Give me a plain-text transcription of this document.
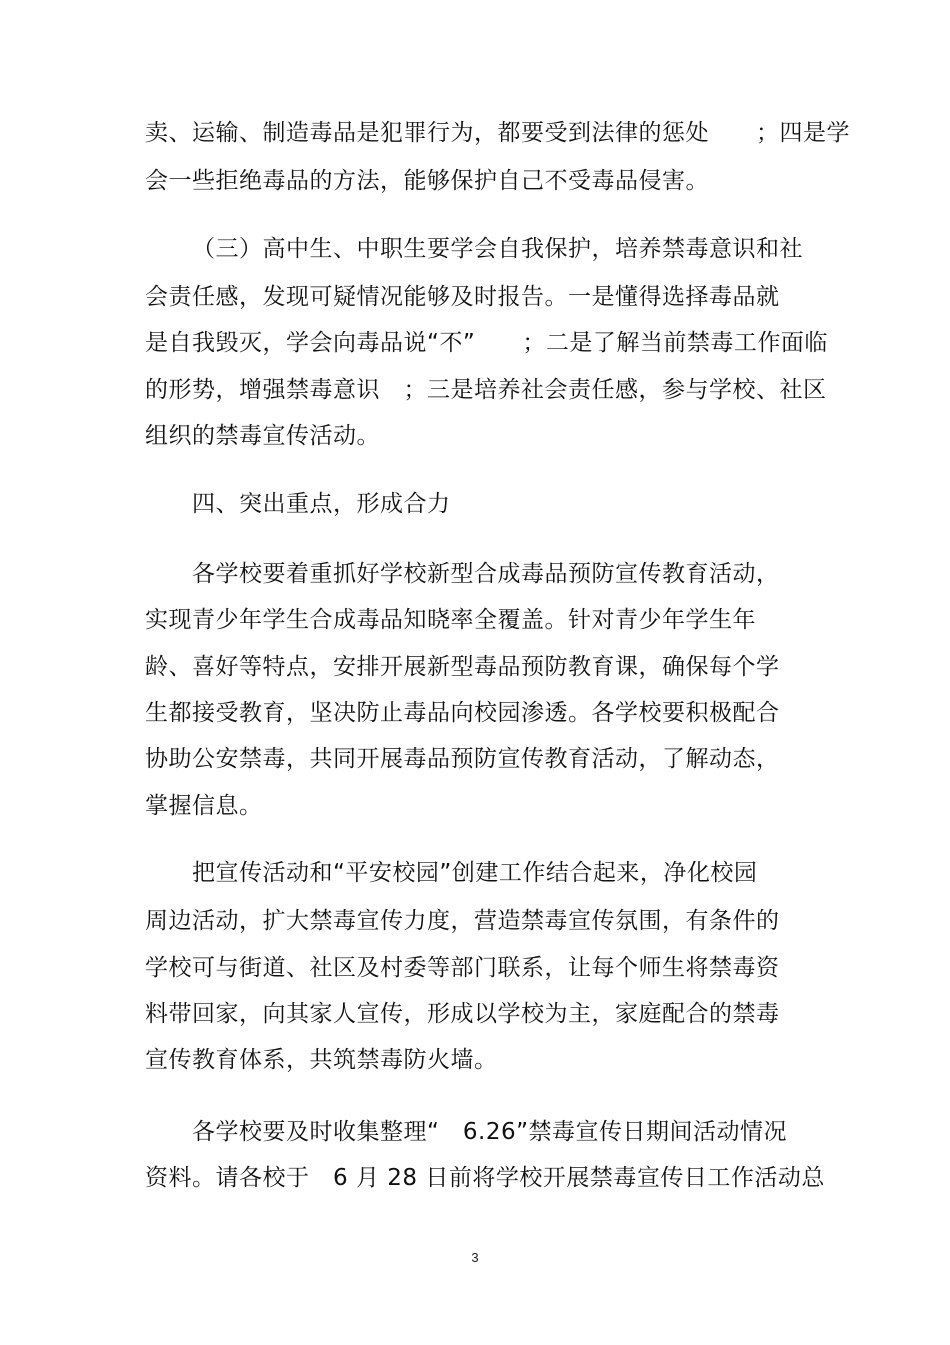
卖、运输、制造毒品是犯罪行为，都要受到法律的惩处　　；四是学
会一些拒绝毒品的方法，能够保护自己不受毒品侵害。
（三）高中生、中职生要学会自我保护，培养禁毒意识和社
会责任感，发现可疑情况能够及时报告。一是懂得选择毒品就
是自我毁灭，学会向毒品说“不”　　；二是了解当前禁毒工作面临
的形势，增强禁毒意识　；三是培养社会责任感，参与学校、社区
组织的禁毒宣传活动。
四、突出重点，形成合力
各学校要着重抓好学校新型合成毒品预防宣传教育活动，
实现青少年学生合成毒品知晓率全覆盖。针对青少年学生年
龄、喜好等特点，安排开展新型毒品预防教育课，确保每个学
生都接受教育，坚决防止毒品向校园渗透。各学校要积极配合
协助公安禁毒，共同开展毒品预防宣传教育活动，了解动态，
掌握信息。
把宣传活动和“平安校园”创建工作结合起来，净化校园
周边活动，扩大禁毒宣传力度，营造禁毒宣传氛围，有条件的
学校可与街道、社区及村委等部门联系，让每个师生将禁毒资
料带回家，向其家人宣传，形成以学校为主，家庭配合的禁毒
宣传教育体系，共筑禁毒防火墙。
各学校要及时收集整理“　6.26”禁毒宣传日期间活动情况
资料。请各校于　6 月 28 日前将学校开展禁毒宣传日工作活动总
3
